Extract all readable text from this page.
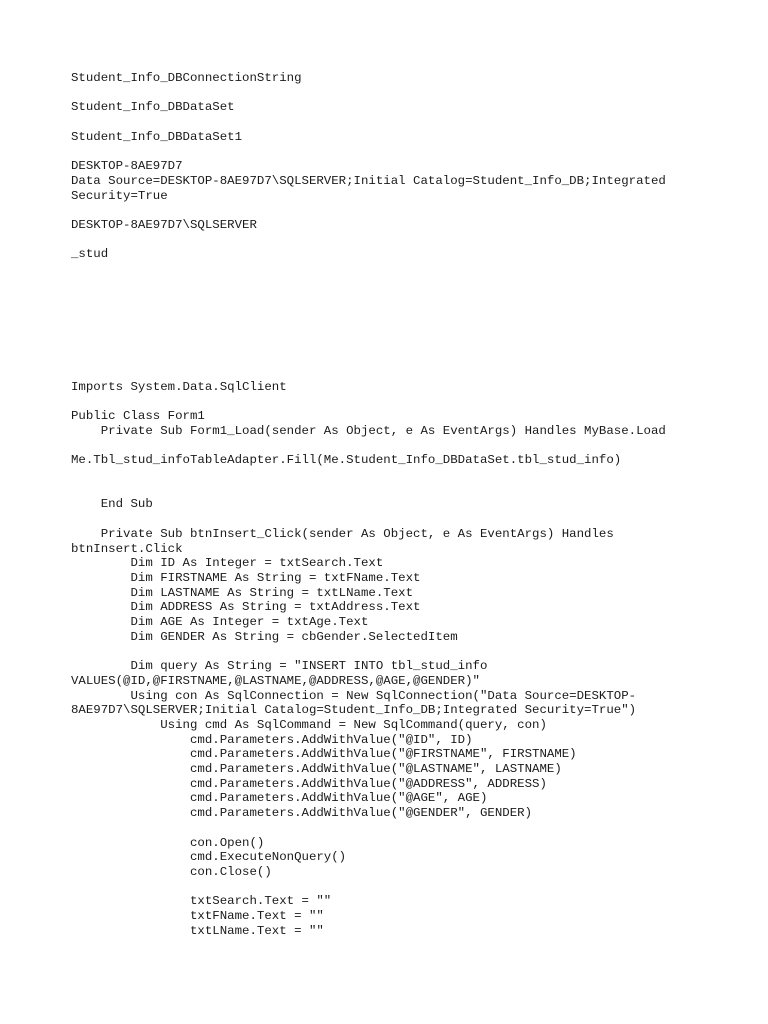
Student_Info_DBConnectionString

Student_Info_DBDataSet

Student_Info_DBDataSet1

DESKTOP-8AE97D7
Data Source=DESKTOP-8AE97D7\SQLSERVER;Initial Catalog=Student_Info_DB;Integrated
Security=True

DESKTOP-8AE97D7\SQLSERVER

_stud

Imports System.Data.SqlClient

Public Class Form1
Private Sub Form1_Load(sender As Object, e As EventArgs) Handles MyBase.Load

Me.Tbl_stud_infoTableAdapter.Fill(Me.Student_Info_DBDataSet.tbl_stud_info)

End Sub

Private Sub btnInsert_Click(sender As Object, e As EventArgs) Handles
btnInsert.Click
Dim ID As Integer = txtSearch.Text
Dim FIRSTNAME As String = txtFName.Text
Dim LASTNAME As String = txtLName.Text
Dim ADDRESS As String = txtAddress.Text
Dim AGE As Integer = txtAge.Text
Dim GENDER As String = cbGender.SelectedItem

Dim query As String = "INSERT INTO tbl_stud_info
VALUES(@ID,@FIRSTNAME,@LASTNAME,@ADDRESS,@AGE,@GENDER)"
Using con As SqlConnection = New SqlConnection("Data Source=DESKTOP-
8AE97D7\SQLSERVER;Initial Catalog=Student_Info_DB;Integrated Security=True")
Using cmd As SqlCommand = New SqlCommand(query, con)
cmd.Parameters.AddWithValue("@ID", ID)
cmd.Parameters.AddWithValue("@FIRSTNAME", FIRSTNAME)
cmd.Parameters.AddWithValue("@LASTNAME", LASTNAME)
cmd.Parameters.AddWithValue("@ADDRESS", ADDRESS)
cmd.Parameters.AddWithValue("@AGE", AGE)
cmd.Parameters.AddWithValue("@GENDER", GENDER)

con.Open()
cmd.ExecuteNonQuery()
con.Close()

txtSearch.Text = ""
txtFName.Text = ""
txtLName.Text = ""
